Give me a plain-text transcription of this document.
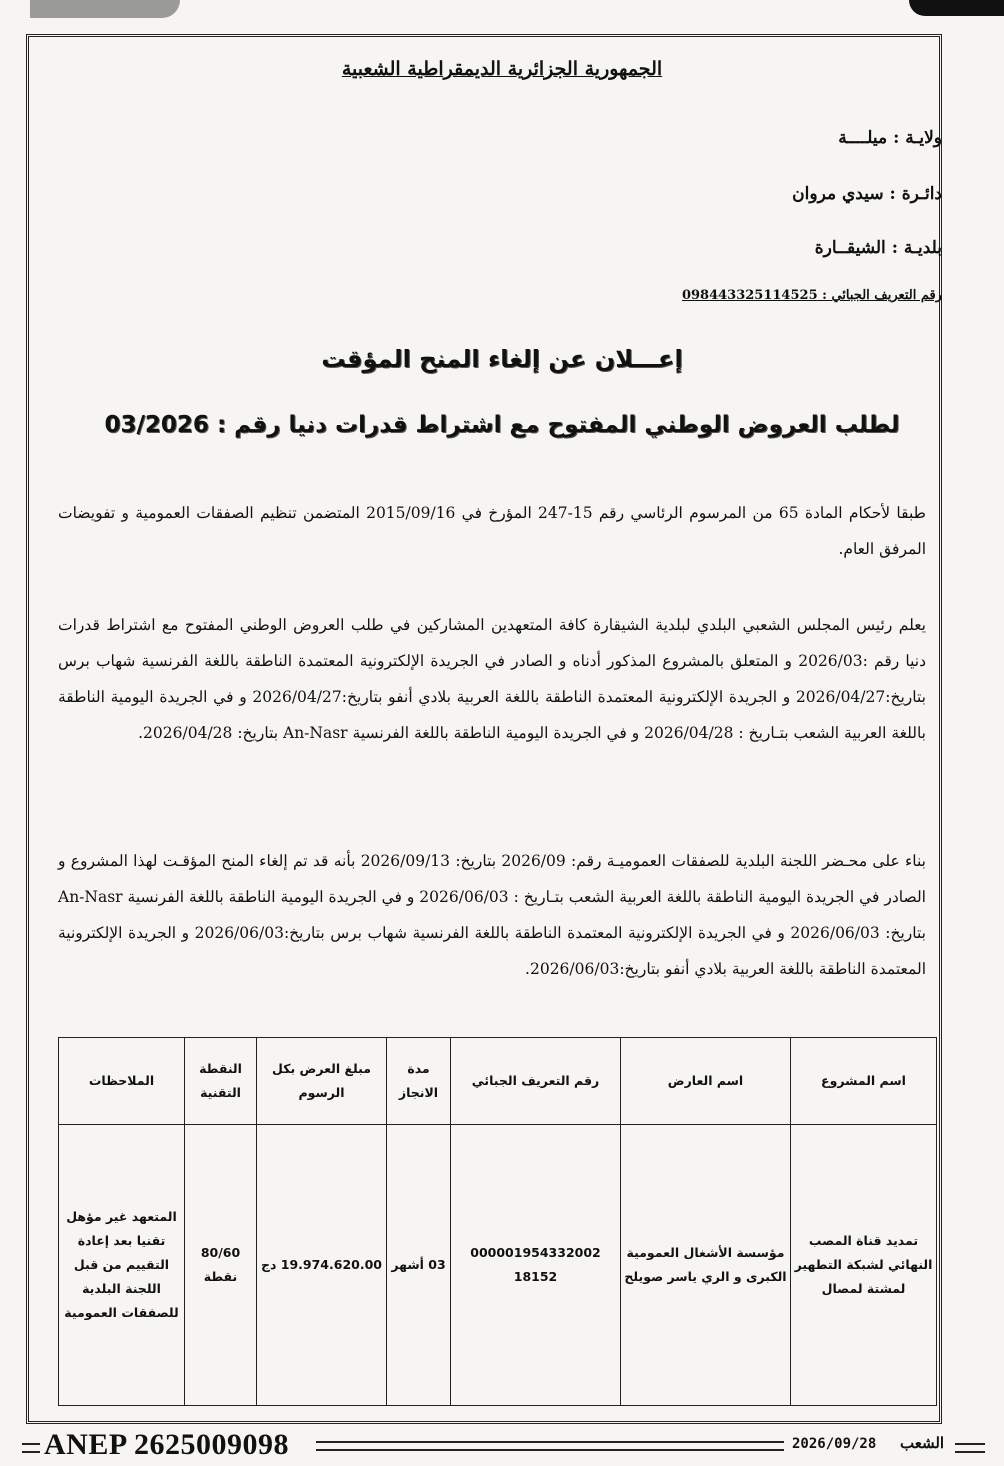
الجمهورية الجزائرية الديمقراطية الشعبية
ولايـة : ميلــــة
دائـرة : سيدي مروان
بلديـة : الشيقــارة
رقم التعريف الجبائي : 098443325114525
إعـــلان عن إلغاء المنح المؤقت
لطلب العروض الوطني المفتوح مع اشتراط قدرات دنيا رقم : 03/2026
طبقا لأحكام المادة 65 من المرسوم الرئاسي رقم 15-247 المؤرخ في 2015/09/16 المتضمن تنظيم الصفقات العمومية و تفويضات المرفق العام.
يعلم رئيس المجلس الشعبي البلدي لبلدية الشيقارة كافة المتعهدين المشاركين في طلب العروض الوطني المفتوح مع اشتراط قدرات دنيا رقم :2026/03 و المتعلق بالمشروع المذكور أدناه و الصادر في الجريدة الإلكترونية المعتمدة الناطقة باللغة الفرنسية شهاب برس بتاريخ:2026/04/27 و الجريدة الإلكترونية المعتمدة الناطقة باللغة العربية بلادي أنفو بتاريخ:2026/04/27 و في الجريدة اليومية الناطقة باللغة العربية الشعب بتـاريخ : 2026/04/28 و في الجريدة اليومية الناطقة باللغة الفرنسية An-Nasr بتاريخ: 2026/04/28.
بناء على محـضر اللجنة البلدية للصفقات العموميـة رقم: 2026/09 بتاريخ: 2026/09/13 بأنه قد تم إلغاء المنح المؤقـت لهذا المشروع و الصادر في الجريدة اليومية الناطقة باللغة العربية الشعب بتـاريخ : 2026/06/03 و في الجريدة اليومية الناطقة باللغة الفرنسية An-Nasr بتاريخ: 2026/06/03 و في الجريدة الإلكترونية المعتمدة الناطقة باللغة الفرنسية شهاب برس بتاريخ:2026/06/03 و الجريدة الإلكترونية المعتمدة الناطقة باللغة العربية بلادي أنفو بتاريخ:2026/06/03.
اسم المشروع	اسم العارض	رقم التعريف الجبائي	مدة الانجاز	مبلغ العرض بكل الرسوم	النقطة التقنية	الملاحظات
تمديد قناة المصب النهائي لشبكة التطهير لمشتة لمصال	مؤسسة الأشغال العمومية الكبرى و الري ياسر صويلح	000001954332002 18152	03 أشهر	19.974.620.00 دج	80/60 نقطة	المتعهد غير مؤهل تقنيا بعد إعادة التقييم من قبل اللجنة البلدية للصفقات العمومية
ANEP 2625009098	2026/09/28 الشعب
